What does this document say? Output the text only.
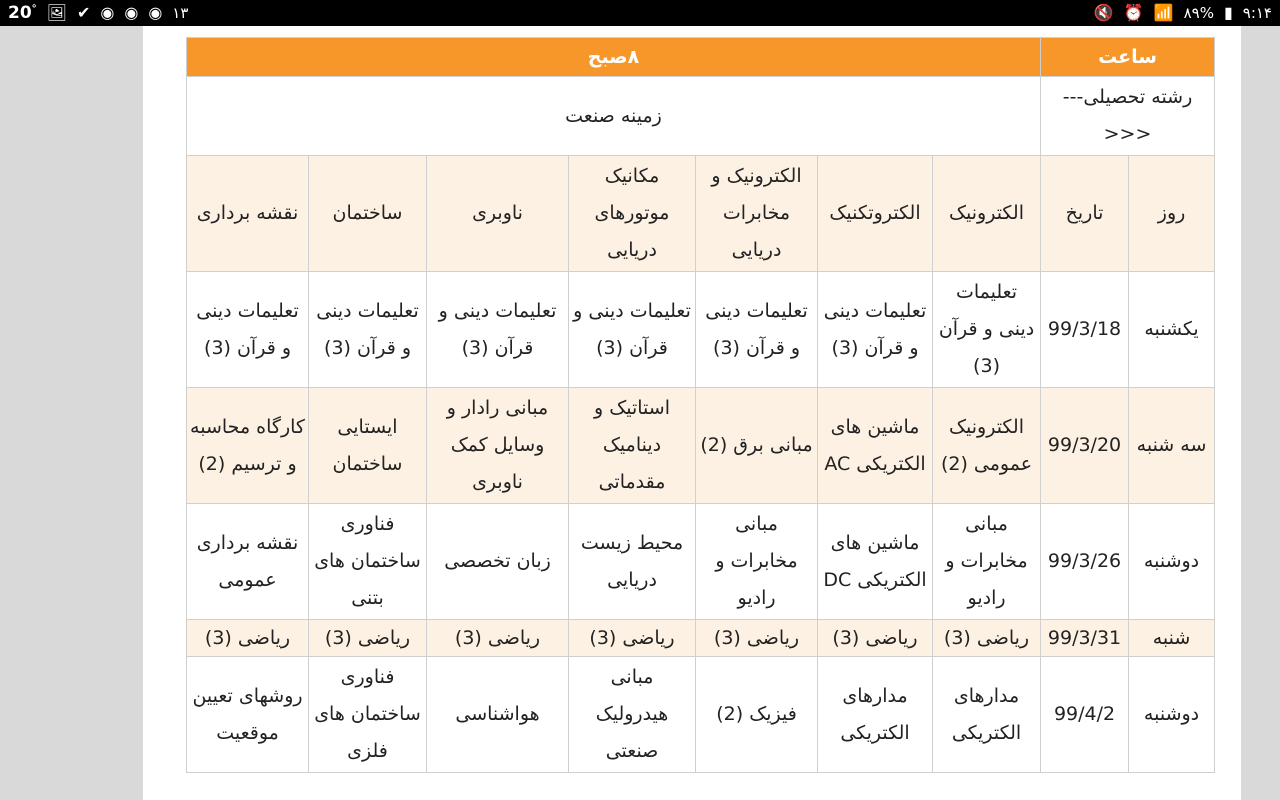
20° 🖼 ✔ ◉ ◉ ◉ ۱۳	🔇 ⏰ 📶 ۸۹% ▮ ۹:۱۴
ساعت		۸صبح						
رشته تحصیلی---<<<		زمینه صنعت						
روز	تاریخ	الکترونیک	الکتروتکنیک	الکترونیک و مخابرات دریایی	مکانیک موتورهای دریایی	ناوبری	ساختمان	نقشه برداری
یکشنبه	99/3/18	تعلیمات دینی و قرآن (3)	تعلیمات دینی و قرآن (3)	تعلیمات دینی و قرآن (3)	تعلیمات دینی و قرآن (3)	تعلیمات دینی و قرآن (3)	تعلیمات دینی و قرآن (3)	تعلیمات دینی و قرآن (3)
سه شنبه	99/3/20	الکترونیک عمومی (2)	ماشین های الکتریکی AC	مبانی برق (2)	استاتیک و دینامیک مقدماتی	مبانی رادار و وسایل کمک ناوبری	ایستایی ساختمان	کارگاه محاسبه و ترسیم (2)
دوشنبه	99/3/26	مبانی مخابرات و رادیو	ماشین های الکتریکی DC	مبانی مخابرات و رادیو	محیط زیست دریایی	زبان تخصصی	فناوری ساختمان های بتنی	نقشه برداری عمومی
شنبه	99/3/31	ریاضی (3)	ریاضی (3)	ریاضی (3)	ریاضی (3)	ریاضی (3)	ریاضی (3)	ریاضی (3)
دوشنبه	99/4/2	مدارهای الکتریکی	مدارهای الکتریکی	فیزیک (2)	مبانی هیدرولیک صنعتی	هواشناسی	فناوری ساختمان های فلزی	روشهای تعیین موقعیت
